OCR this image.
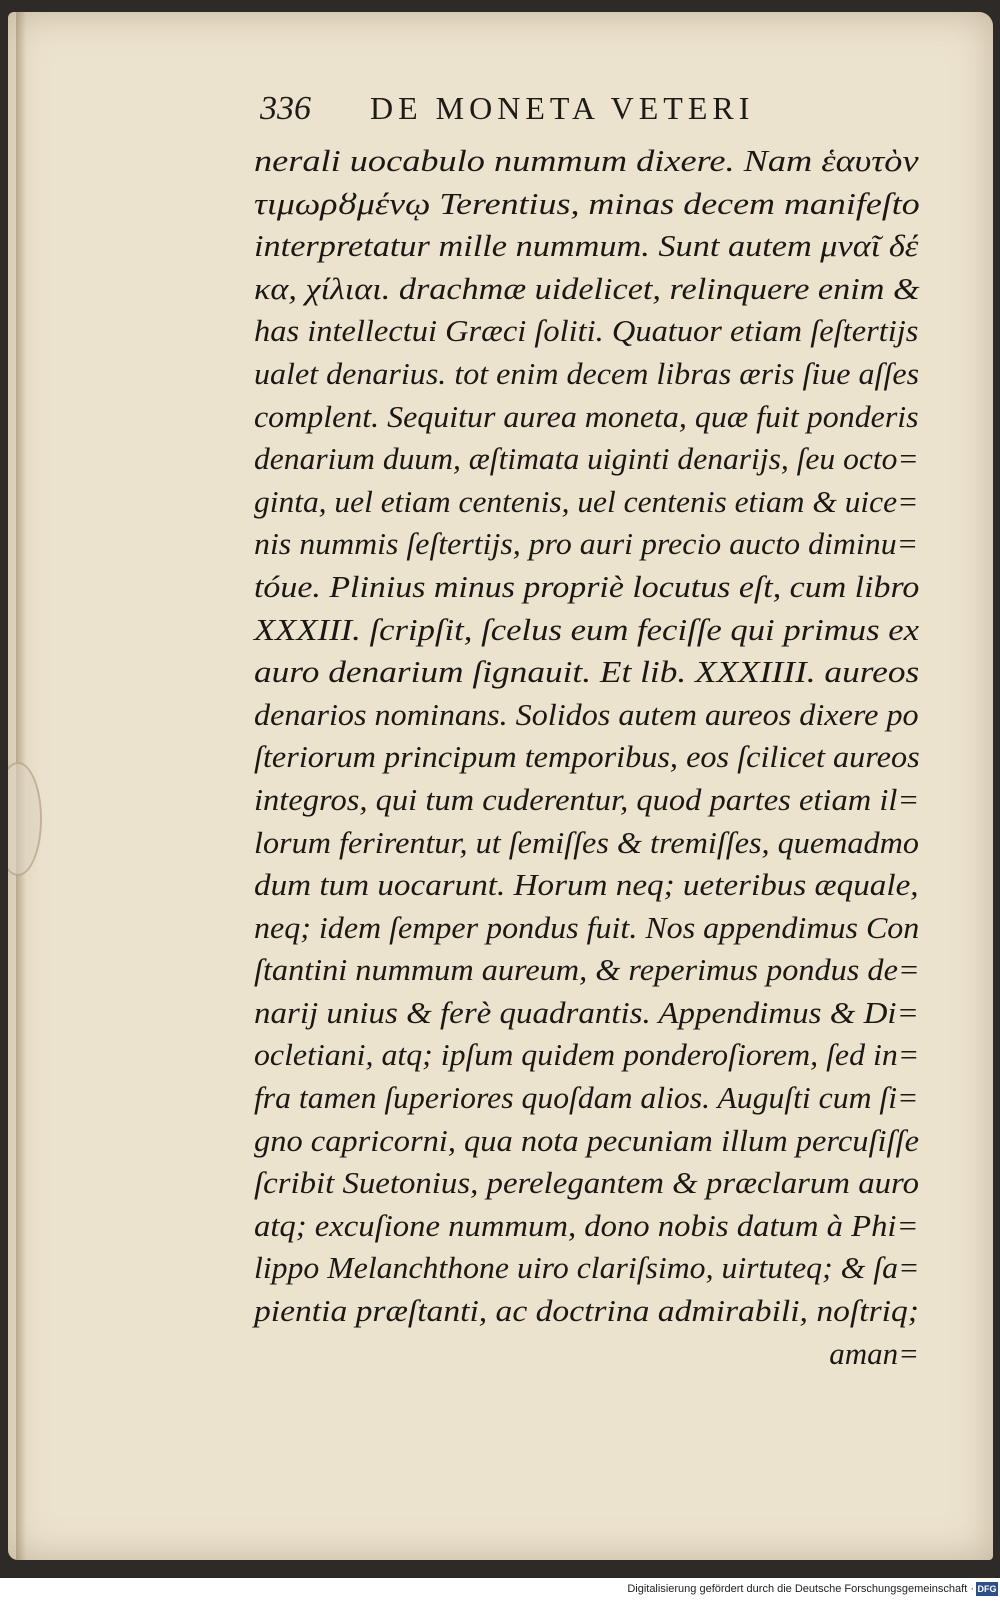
336	DE MONETA VETERI
nerali uocabulo nummum dixere. Nam ἑαυτὸν
τιμωρȣμένῳ Terentius, minas decem manifeſto
interpretatur mille nummum. Sunt autem μναῖ δέ
κα, χίλιαι. drachmæ uidelicet, relinquere enim &
has intellectui Græci ſoliti. Quatuor etiam ſeſtertijs
ualet denarius. tot enim decem libras æris ſiue aſſes
complent. Sequitur aurea moneta, quæ fuit ponderis
denarium duum, æſtimata uiginti denarijs, ſeu octo=
ginta, uel etiam centenis, uel centenis etiam & uice=
nis nummis ſeſtertijs, pro auri precio aucto diminu=
tóue. Plinius minus propriè locutus eſt, cum libro
XXXIII. ſcripſit, ſcelus eum feciſſe qui primus ex
auro denarium ſignauit. Et lib. XXXIIII. aureos
denarios nominans. Solidos autem aureos dixere po
ſteriorum principum temporibus, eos ſcilicet aureos
integros, qui tum cuderentur, quod partes etiam il=
lorum ferirentur, ut ſemiſſes & tremiſſes, quemadmo
dum tum uocarunt. Horum neq; ueteribus æquale,
neq; idem ſemper pondus fuit. Nos appendimus Con
ſtantini nummum aureum, & reperimus pondus de=
narij unius & ferè quadrantis. Appendimus & Di=
ocletiani, atq; ipſum quidem ponderoſiorem, ſed in=
fra tamen ſuperiores quoſdam alios. Auguſti cum ſi=
gno capricorni, qua nota pecuniam illum percuſiſſe
ſcribit Suetonius, perelegantem & præclarum auro
atq; excuſione nummum, dono nobis datum à Phi=
lippo Melanchthone uiro clariſsimo, uirtuteq; & ſa=
pientia præſtanti, ac doctrina admirabili, noſtriq;
aman=
Digitalisierung gefördert durch die Deutsche Forschungsgemeinschaft · DFG
